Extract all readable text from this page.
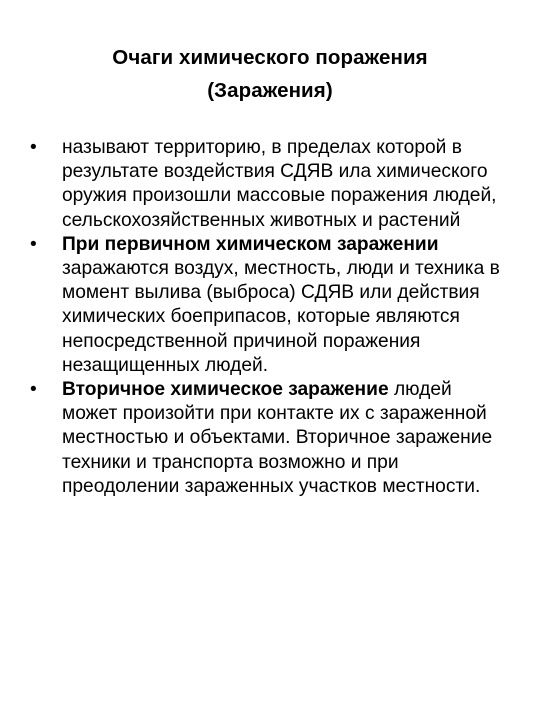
Очаги химического поражения
(Заражения)
•	называют территорию, в пределах которой в результате воздействия СДЯВ ила химического оружия произошли массовые поражения людей, сельскохозяйственных животных и растений
•	При первичном химическом заражении заражаются воздух, местность, люди и техника в момент вылива (выброса) СДЯВ или действия химических боеприпасов, которые являются непосредственной причиной поражения незащищенных людей.
•	Вторичное химическое заражение людей может произойти при контакте их с зараженной местностью и объектами. Вторичное заражение техники и транспорта возможно и при преодолении зараженных участков местности.
